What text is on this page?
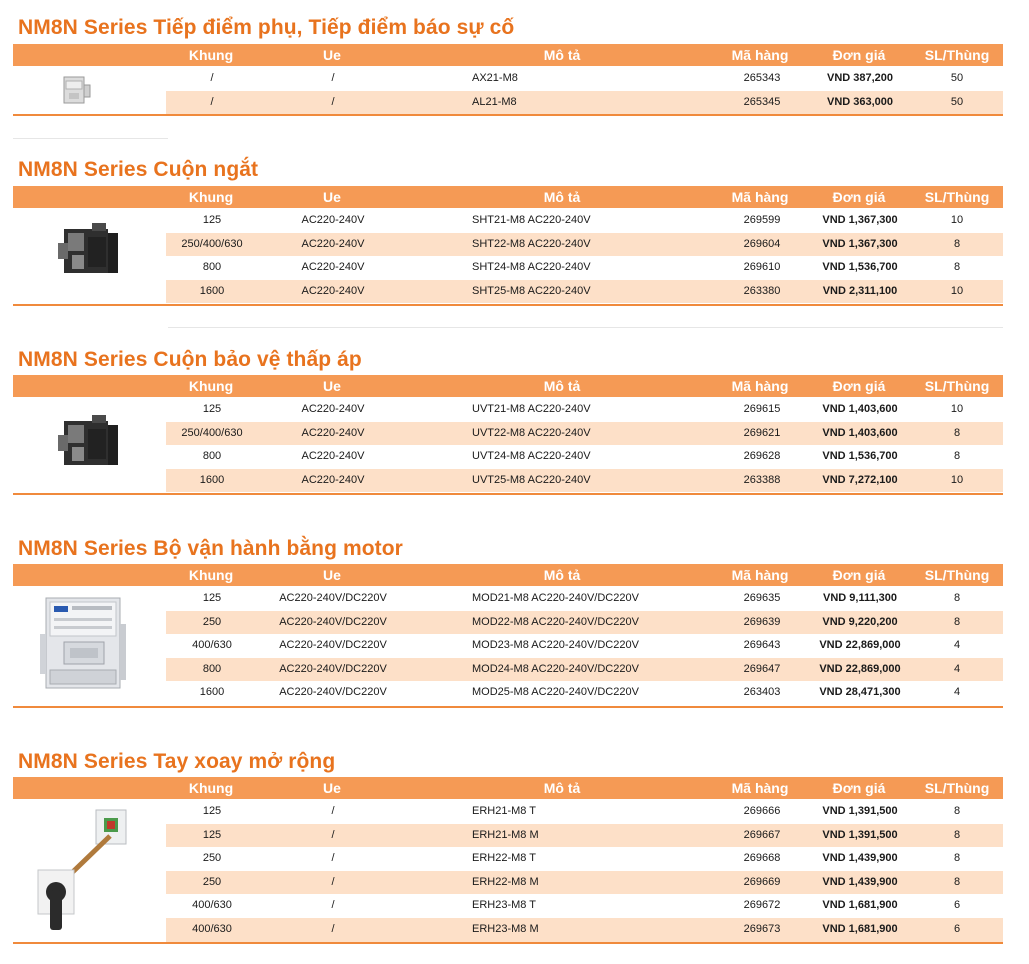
NM8N Series Tiếp điểm phụ, Tiếp điểm báo sự cố
Khung	Ue	Mô tả	Mã hàng	Đơn giá	SL/Thùng
/	/	AX21-M8	265343	VND 387,200	50
/	/	AL21-M8	265345	VND 363,000	50
NM8N Series Cuộn ngắt
Khung	Ue	Mô tả	Mã hàng	Đơn giá	SL/Thùng
125	AC220-240V	SHT21-M8 AC220-240V	269599	VND 1,367,300	10
250/400/630	AC220-240V	SHT22-M8 AC220-240V	269604	VND 1,367,300	8
800	AC220-240V	SHT24-M8 AC220-240V	269610	VND 1,536,700	8
1600	AC220-240V	SHT25-M8 AC220-240V	263380	VND 2,311,100	10
NM8N Series Cuộn bảo vệ thấp áp
Khung	Ue	Mô tả	Mã hàng	Đơn giá	SL/Thùng
125	AC220-240V	UVT21-M8 AC220-240V	269615	VND 1,403,600	10
250/400/630	AC220-240V	UVT22-M8 AC220-240V	269621	VND 1,403,600	8
800	AC220-240V	UVT24-M8 AC220-240V	269628	VND 1,536,700	8
1600	AC220-240V	UVT25-M8 AC220-240V	263388	VND 7,272,100	10
NM8N Series Bộ vận hành bằng motor
Khung	Ue	Mô tả	Mã hàng	Đơn giá	SL/Thùng
125	AC220-240V/DC220V	MOD21-M8 AC220-240V/DC220V	269635	VND 9,111,300	8
250	AC220-240V/DC220V	MOD22-M8 AC220-240V/DC220V	269639	VND 9,220,200	8
400/630	AC220-240V/DC220V	MOD23-M8 AC220-240V/DC220V	269643	VND 22,869,000	4
800	AC220-240V/DC220V	MOD24-M8 AC220-240V/DC220V	269647	VND 22,869,000	4
1600	AC220-240V/DC220V	MOD25-M8 AC220-240V/DC220V	263403	VND 28,471,300	4
NM8N Series Tay xoay mở rộng
Khung	Ue	Mô tả	Mã hàng	Đơn giá	SL/Thùng
125	/	ERH21-M8 T	269666	VND 1,391,500	8
125	/	ERH21-M8 M	269667	VND 1,391,500	8
250	/	ERH22-M8 T	269668	VND 1,439,900	8
250	/	ERH22-M8 M	269669	VND 1,439,900	8
400/630	/	ERH23-M8 T	269672	VND 1,681,900	6
400/630	/	ERH23-M8 M	269673	VND 1,681,900	6
